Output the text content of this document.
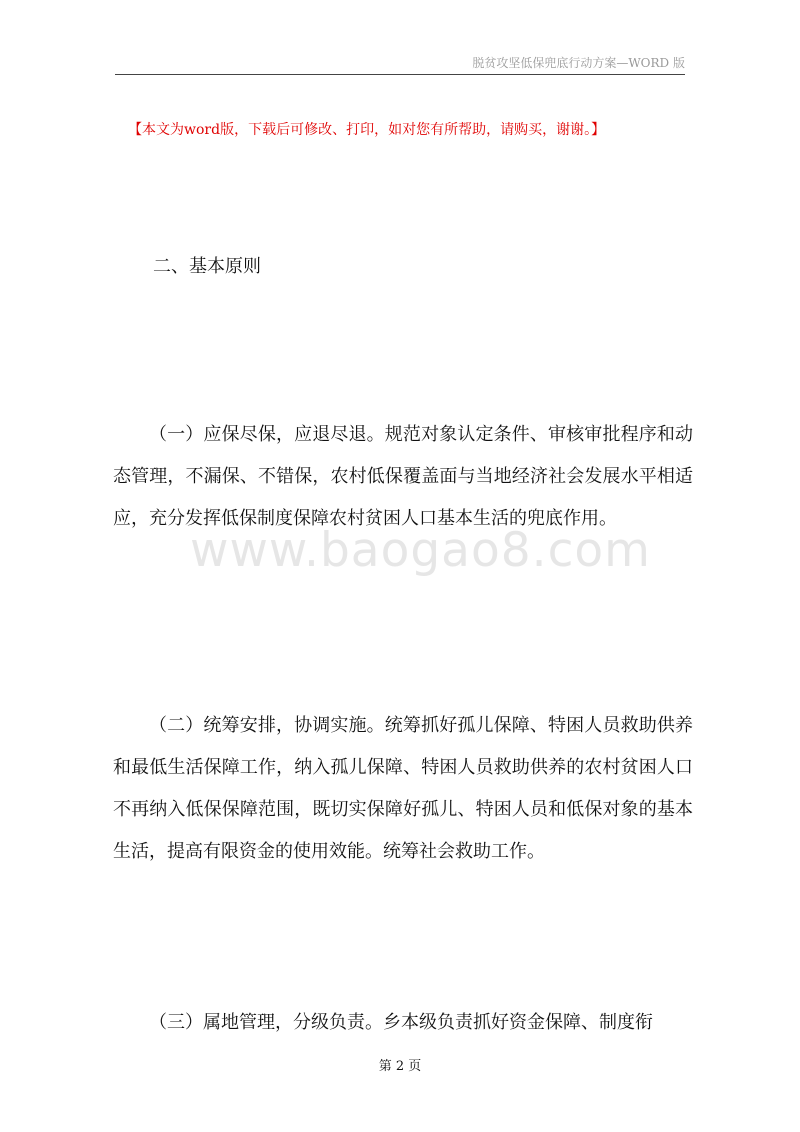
脱贫攻坚低保兜底行动方案—WORD 版
【本文为word版，下载后可修改、打印，如对您有所帮助，请购买，谢谢。】
二、基本原则
www.baogao8.com

（一）应保尽保，应退尽退。规范对象认定条件、审核审批程序和动态管理，不漏保、不错保，农村低保覆盖面与当地经济社会发展水平相适应，充分发挥低保制度保障农村贫困人口基本生活的兜底作用。

（二）统筹安排，协调实施。统筹抓好孤儿保障、特困人员救助供养和最低生活保障工作，纳入孤儿保障、特困人员救助供养的农村贫困人口不再纳入低保保障范围，既切实保障好孤儿、特困人员和低保对象的基本生活，提高有限资金的使用效能。统筹社会救助工作。

（三）属地管理，分级负责。乡本级负责抓好资金保障、制度衔

第 2 页
